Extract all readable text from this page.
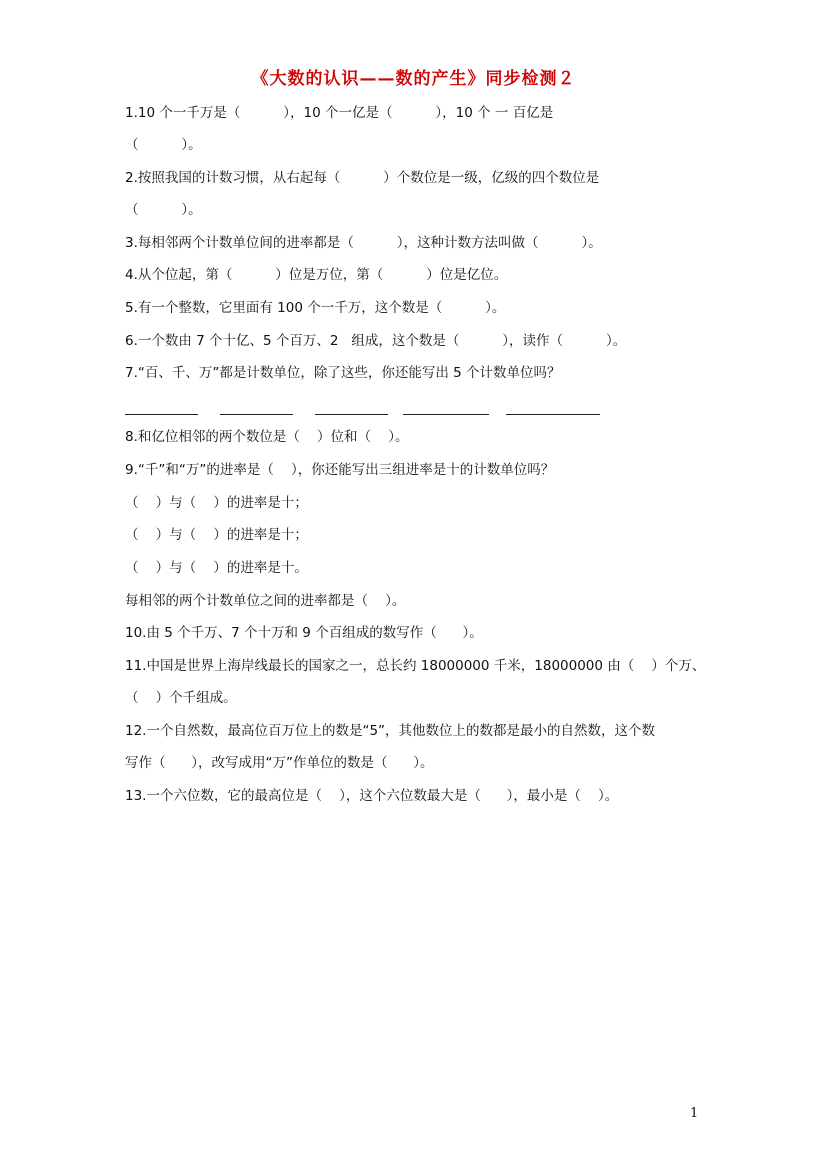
《大数的认识——数的产生》同步检测２
1.10 个一千万是（          ），10 个一亿是（          ），10 个 一 百亿是
（          ）。
2.按照我国的计数习惯，从右起每（          ）个数位是一级，亿级的四个数位是
（          ）。
3.每相邻两个计数单位间的进率都是（          ），这种计数方法叫做（          ）。
4.从个位起，第（          ）位是万位，第（          ）位是亿位。
5.有一个整数，它里面有 100 个一千万，这个数是（          ）。
6.一个数由 7 个十亿、5 个百万、2   组成，这个数是（          ），读作（          ）。
7.“百、千、万”都是计数单位，除了这些，你还能写出 5 个计数单位吗？
8.和亿位相邻的两个数位是（    ）位和（    ）。
9.“千”和“万”的进率是（    ），你还能写出三组进率是十的计数单位吗？
（    ）与（    ）的进率是十；
（    ）与（    ）的进率是十；
（    ）与（    ）的进率是十。
每相邻的两个计数单位之间的进率都是（    ）。
10.由 5 个千万、7 个十万和 9 个百组成的数写作（      ）。
11.中国是世界上海岸线最长的国家之一，总长约 18000000 千米，18000000 由（    ）个万、
（    ）个千组成。
12.一个自然数，最高位百万位上的数是“5”，其他数位上的数都是最小的自然数，这个数
写作（      ），改写成用“万”作单位的数是（      ）。
13.一个六位数，它的最高位是（    ），这个六位数最大是（      ），最小是（    ）。
1
